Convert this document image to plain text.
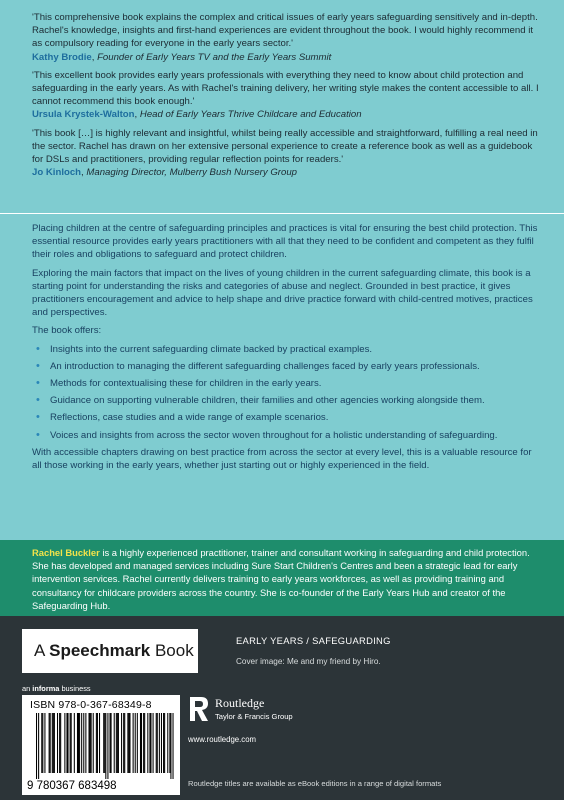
'This comprehensive book explains the complex and critical issues of early years safeguarding sensitively and in-depth. Rachel's knowledge, insights and first-hand experiences are evident throughout the book. I would highly recommend it as compulsory reading for everyone in the early years sector.'
Kathy Brodie, Founder of Early Years TV and the Early Years Summit
'This excellent book provides early years professionals with everything they need to know about child protection and safeguarding in the early years. As with Rachel's training delivery, her writing style makes the content accessible to all. I cannot recommend this book enough.'
Ursula Krystek-Walton, Head of Early Years Thrive Childcare and Education
'This book […] is highly relevant and insightful, whilst being really accessible and straightforward, fulfilling a real need in the sector. Rachel has drawn on her extensive personal experience to create a reference book as well as a guidebook for DSLs and practitioners, providing regular reflection points for readers.'
Jo Kinloch, Managing Director, Mulberry Bush Nursery Group

Placing children at the centre of safeguarding principles and practices is vital for ensuring the best child protection. This essential resource provides early years practitioners with all that they need to be confident and competent as they fulfil their roles and obligations to safeguard and protect children.

Exploring the main factors that impact on the lives of young children in the current safeguarding climate, this book is a starting point for understanding the risks and categories of abuse and neglect. Grounded in best practice, it gives practitioners encouragement and advice to help shape and drive practice forward with child-centred motives, practices and perspectives.

The book offers:

• Insights into the current safeguarding climate backed by practical examples.
• An introduction to managing the different safeguarding challenges faced by early years professionals.
• Methods for contextualising these for children in the early years.
• Guidance on supporting vulnerable children, their families and other agencies working alongside them.
• Reflections, case studies and a wide range of example scenarios.
• Voices and insights from across the sector woven throughout for a holistic understanding of safeguarding.

With accessible chapters drawing on best practice from across the sector at every level, this is a valuable resource for all those working in the early years, whether just starting out or highly experienced in the field.

Rachel Buckler is a highly experienced practitioner, trainer and consultant working in safeguarding and child protection. She has developed and managed services including Sure Start Children's Centres and been a strategic lead for early intervention services. Rachel currently delivers training to early years workforces, as well as providing training and consultancy for childcare providers across the country. She is co-founder of the Early Years Hub and creator of the Safeguarding Hub.
A Speechmark Book
EARLY YEARS / SAFEGUARDING
Cover image: Me and my friend by Hiro.
an informa business
9 780367 683498
ISBN 978-0-367-68349-8	Routledge
Taylor & Francis Group
www.routledge.com
Routledge titles are available as eBook editions in a range of digital formats
